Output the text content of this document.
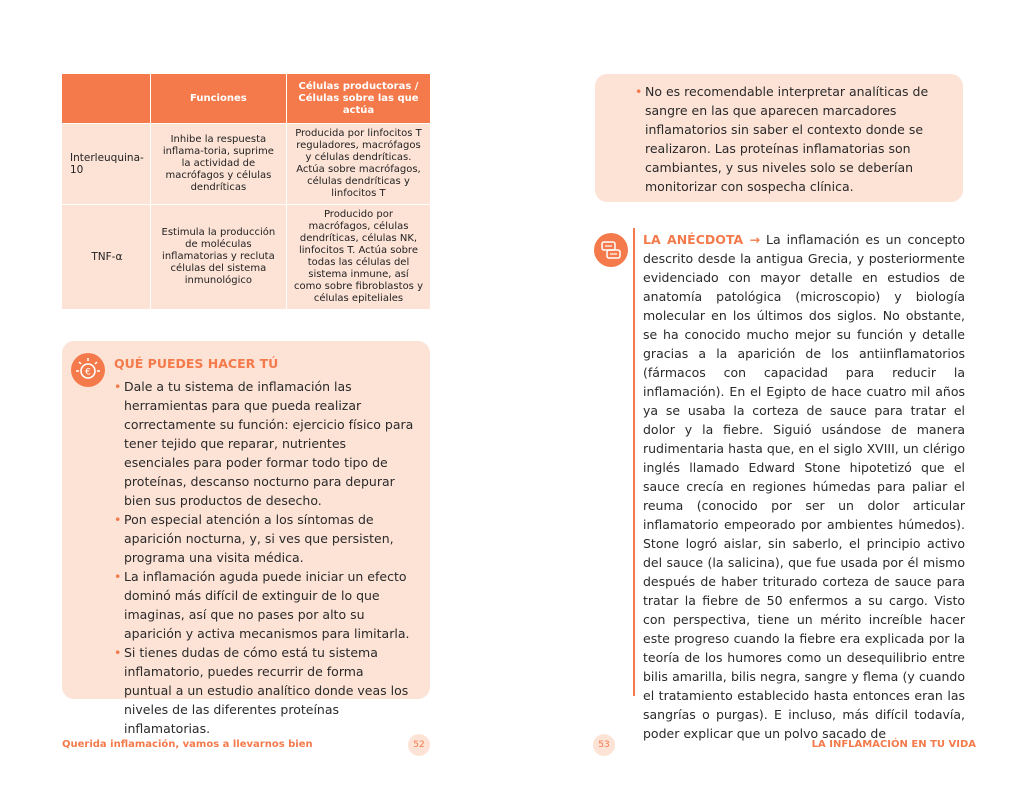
	Funciones	Células productoras / Células sobre las que actúa
Interleuquina-10	Inhibe la respuesta inflama-toria, suprime la actividad de macrófagos y células dendríticas	Producida por linfocitos T reguladores, macrófagos y células dendríticas. Actúa sobre macrófagos, células dendríticas y linfocitos T
TNF-α	Estimula la producción de moléculas inflamatorias y recluta células del sistema inmunológico	Producido por macrófagos, células dendríticas, células NK, linfocitos T. Actúa sobre todas las células del sistema inmune, así como sobre fibroblastos y células epiteliales
€
QUÉ PUEDES HACER TÚ
• Dale a tu sistema de inflamación las herramientas para que pueda realizar correctamente su función: ejercicio físico para tener tejido que reparar, nutrientes esenciales para poder formar todo tipo de proteínas, descanso nocturno para depurar bien sus productos de desecho.
• Pon especial atención a los síntomas de aparición nocturna, y, si ves que persisten, programa una visita médica.
• La inflamación aguda puede iniciar un efecto dominó más difícil de extinguir de lo que imaginas, así que no pases por alto su aparición y activa mecanismos para limitarla.
• Si tienes dudas de cómo está tu sistema inflamatorio, puedes recurrir de forma puntual a un estudio analítico donde veas los niveles de las diferentes proteínas inflamatorias.
Querida inflamación, vamos a llevarnos bien	52
• No es recomendable interpretar analíticas de sangre en las que aparecen marcadores inflamatorios sin saber el contexto donde se realizaron. Las proteínas inflamatorias son cambiantes, y sus niveles solo se deberían monitorizar con sospecha clínica.

LA ANÉCDOTA → La inflamación es un concepto descrito desde la antigua Grecia, y posteriormente evidenciado con mayor detalle en estudios de anatomía patológica (microscopio) y biología molecular en los últimos dos siglos. No obstante, se ha conocido mucho mejor su función y detalle gracias a la aparición de los antiinflamatorios (fármacos con capacidad para reducir la inflamación). En el Egipto de hace cuatro mil años ya se usaba la corteza de sauce para tratar el dolor y la fiebre. Siguió usándose de manera rudimentaria hasta que, en el siglo XVIII, un clérigo inglés llamado Edward Stone hipotetizó que el sauce crecía en regiones húmedas para paliar el reuma (conocido por ser un dolor articular inflamatorio empeorado por ambientes húmedos). Stone logró aislar, sin saberlo, el principio activo del sauce (la salicina), que fue usada por él mismo después de haber triturado corteza de sauce para tratar la fiebre de 50 enfermos a su cargo. Visto con perspectiva, tiene un mérito increíble hacer este progreso cuando la fiebre era explicada por la teoría de los humores como un desequilibrio entre bilis amarilla, bilis negra, sangre y flema (y cuando el tratamiento establecido hasta entonces eran las sangrías o purgas). E incluso, más difícil todavía, poder explicar que un polvo sacado de

53	LA INFLAMACIÓN EN TU VIDA
